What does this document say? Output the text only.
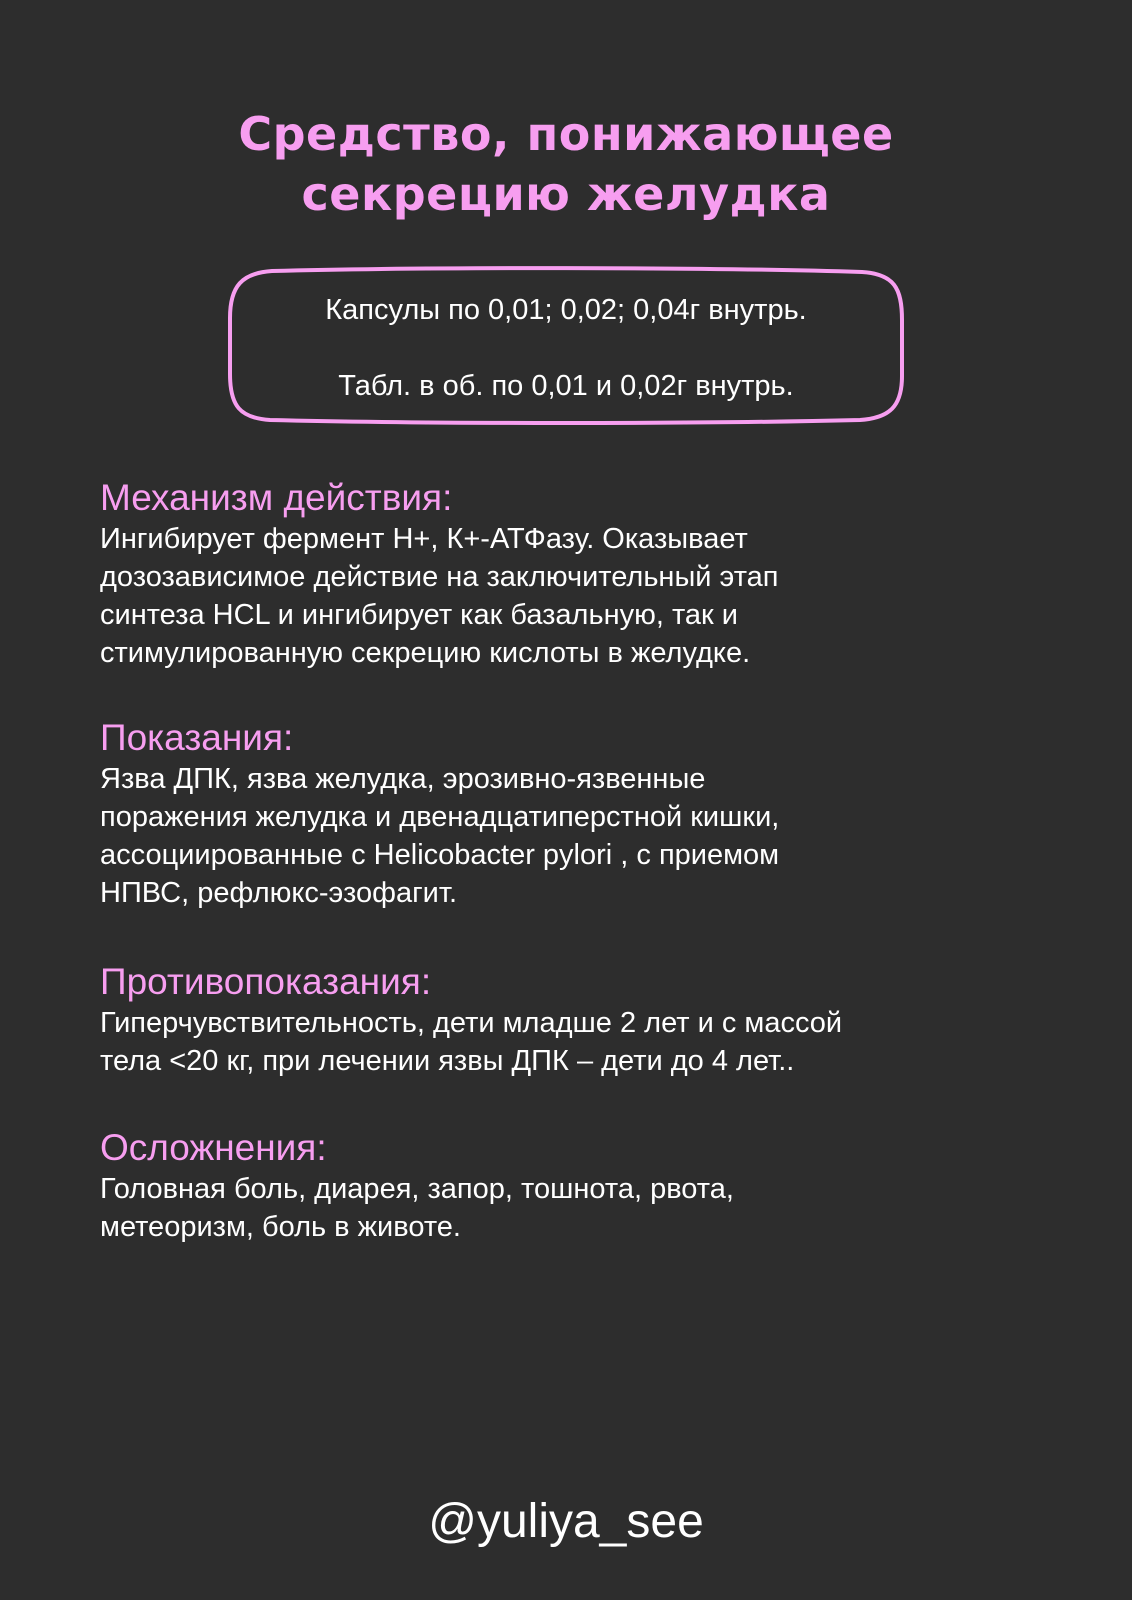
Средство, понижающее
секрецию желудка
Капсулы по 0,01; 0,02; 0,04г внутрь.
Табл. в об. по 0,01 и 0,02г внутрь.
Механизм действия:

Ингибирует фермент Н+, К+-АТФазу. Оказывает
дозозависимое действие на заключительный этап
синтеза HCL и ингибирует как базальную, так и
стимулированную секрецию кислоты в желудке.

Показания:

Язва ДПК, язва желудка, эрозивно-язвенные
поражения желудка и двенадцатиперстной кишки,
ассоциированные с Helicobacter pylori , с приемом
НПВС, рефлюкс-эзофагит.

Противопоказания:

Гиперчувствительность, дети младше 2 лет и с массой
тела <20 кг, при лечении язвы ДПК – дети до 4 лет..

Осложнения:

Головная боль, диарея, запор, тошнота, рвота,
метеоризм, боль в животе.

@yuliya_see
